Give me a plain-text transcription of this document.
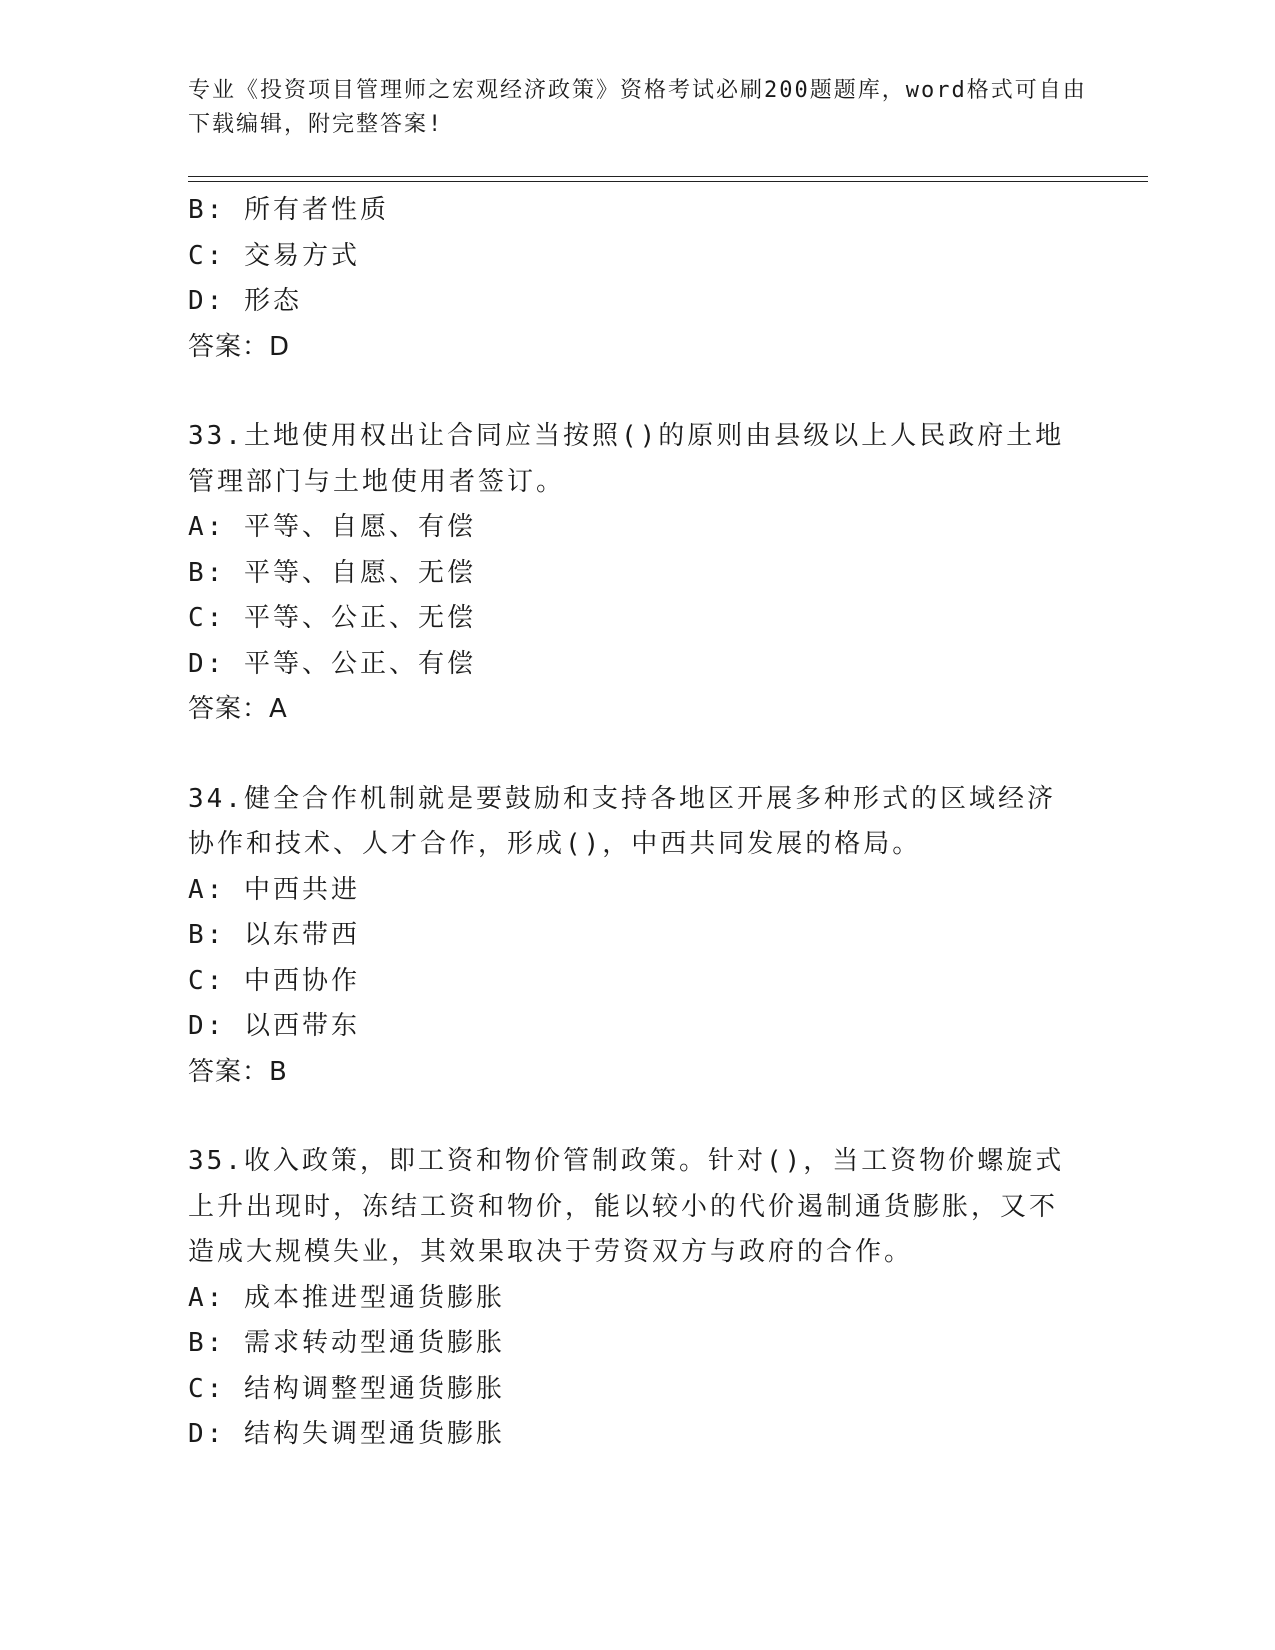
专业《投资项目管理师之宏观经济政策》资格考试必刷200题题库，word格式可自由下载编辑，附完整答案!

B: 所有者性质

C: 交易方式

D: 形态

答案：D

33.土地使用权出让合同应当按照()的原则由县级以上人民政府土地管理部门与土地使用者签订。

A: 平等、自愿、有偿

B: 平等、自愿、无偿

C: 平等、公正、无偿

D: 平等、公正、有偿

答案：A

34.健全合作机制就是要鼓励和支持各地区开展多种形式的区域经济协作和技术、人才合作，形成()，中西共同发展的格局。

A: 中西共进

B: 以东带西

C: 中西协作

D: 以西带东

答案：B

35.收入政策，即工资和物价管制政策。针对()，当工资物价螺旋式上升出现时，冻结工资和物价，能以较小的代价遏制通货膨胀，又不造成大规模失业，其效果取决于劳资双方与政府的合作。

A: 成本推进型通货膨胀

B: 需求转动型通货膨胀

C: 结构调整型通货膨胀

D: 结构失调型通货膨胀
